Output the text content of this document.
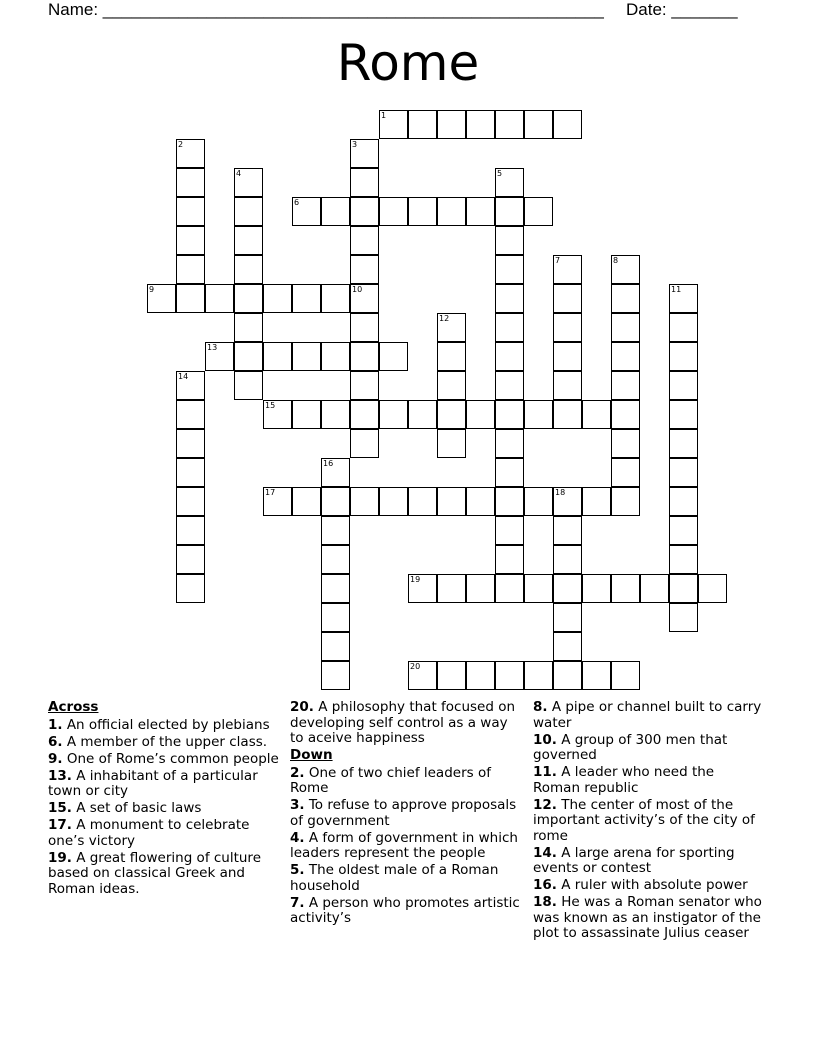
Name: _____________________________________________________ Date: _______
Rome
1
2	3
4	5
6
7	8
9	10	11
12
13
14
15
16
17	18
19
20
Across
1. An official elected by plebians
6. A member of the upper class.
9. One of Rome’s common people
13. A inhabitant of a particular town or city
15. A set of basic laws
17. A monument to celebrate one’s victory
19. A great flowering of culture based on classical Greek and Roman ideas.
20. A philosophy that focused on developing self control as a way to aceive happiness
Down
2. One of two chief leaders of Rome
3. To refuse to approve proposals of government
4. A form of government in which leaders represent the people
5. The oldest male of a Roman household
7. A person who promotes artistic activity’s
8. A pipe or channel built to carry water
10. A group of 300 men that governed
11. A leader who need the Roman republic
12. The center of most of the important activity’s of the city of rome
14. A large arena for sporting events or contest
16. A ruler with absolute power
18. He was a Roman senator who was known as an instigator of the plot to assassinate Julius ceaser
